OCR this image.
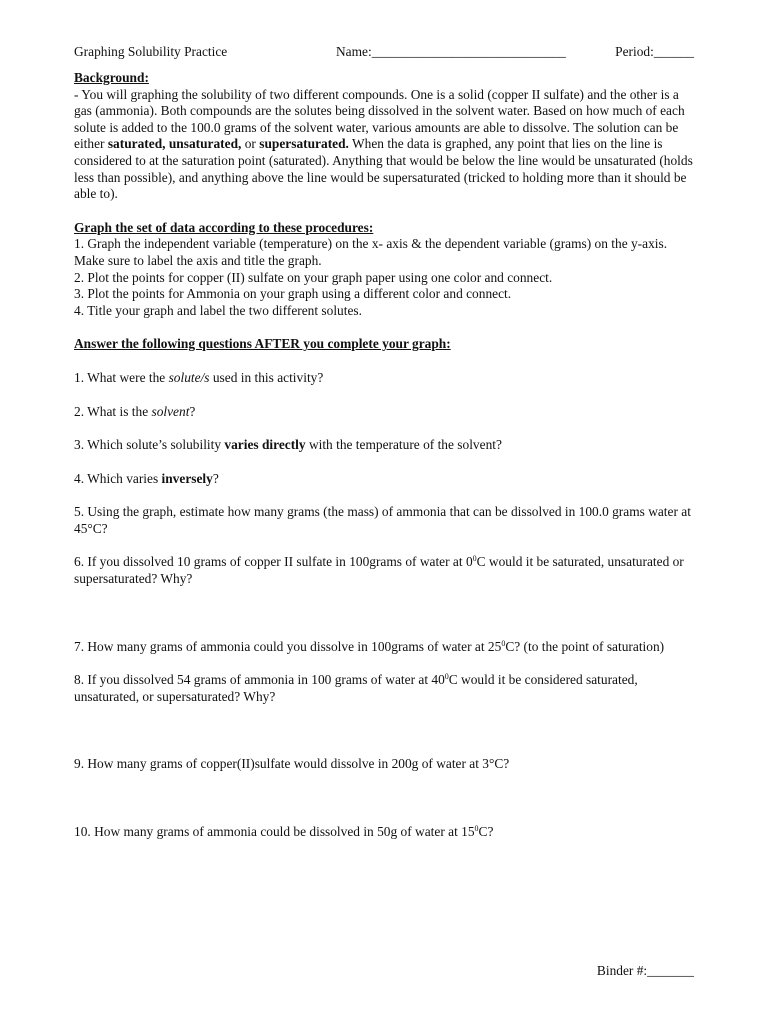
Graphing Solubility Practice	Name:_____________________________	Period:______
Background:

- You will graphing the solubility of two different compounds. One is a solid (copper II sulfate) and the other is a gas (ammonia). Both compounds are the solutes being dissolved in the solvent water. Based on how much of each solute is added to the 100.0 grams of the solvent water, various amounts are able to dissolve. The solution can be either saturated, unsaturated, or supersaturated. When the data is graphed, any point that lies on the line is considered to at the saturation point (saturated). Anything that would be below the line would be unsaturated (holds less than possible), and anything above the line would be supersaturated (tricked to holding more than it should be able to).

Graph the set of data according to these procedures:

1. Graph the independent variable (temperature) on the x- axis & the dependent variable (grams) on the y-axis. Make sure to label the axis and title the graph.

2. Plot the points for copper (II) sulfate on your graph paper using one color and connect.

3. Plot the points for Ammonia on your graph using a different color and connect.

4. Title your graph and label the two different solutes.

Answer the following questions AFTER you complete your graph:

1. What were the solute/s used in this activity?

2. What is the solvent?

3. Which solute’s solubility varies directly with the temperature of the solvent?

4. Which varies inversely?

5. Using the graph, estimate how many grams (the mass) of ammonia that can be dissolved in 100.0 grams water at 45°C?

6. If you dissolved 10 grams of copper II sulfate in 100grams of water at $0^0C$ would it be saturated, unsaturated or supersaturated? Why?

7. How many grams of ammonia could you dissolve in 100grams of water at $25^0C$? (to the point of saturation)

8. If you dissolved 54 grams of ammonia in 100 grams of water at $40^0C$ would it be considered saturated, unsaturated, or supersaturated? Why?

9. How many grams of copper(II)sulfate would dissolve in 200g of water at 3°C?

10. How many grams of ammonia could be dissolved in 50g of water at $15^0C$?

Binder #:_______
